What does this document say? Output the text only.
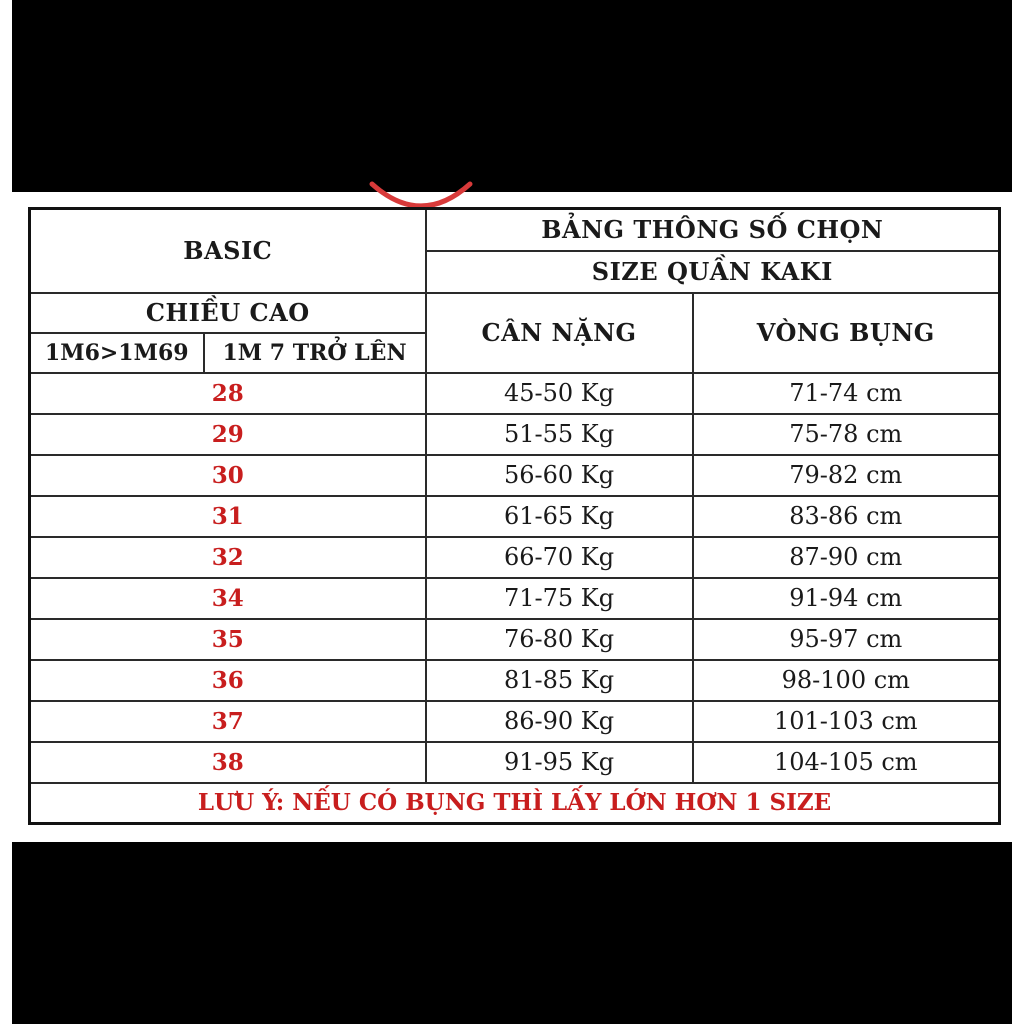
BASIC		BẢNG THÔNG SỐ CHỌN	
		SIZE QUẦN KAKI	
CHIỀU CAO		CÂN NẶNG	VÒNG BỤNG
1M6>1M69	1M 7 TRỞ LÊN		
28		45-50 Kg	71-74 cm
29		51-55 Kg	75-78 cm
30		56-60 Kg	79-82 cm
31		61-65 Kg	83-86 cm
32		66-70 Kg	87-90 cm
34		71-75 Kg	91-94 cm
35		76-80 Kg	95-97 cm
36		81-85 Kg	98-100 cm
37		86-90 Kg	101-103 cm
38		91-95 Kg	104-105 cm
LƯU Ý: NẾU CÓ BỤNG THÌ LẤY LỚN HƠN 1 SIZE			
